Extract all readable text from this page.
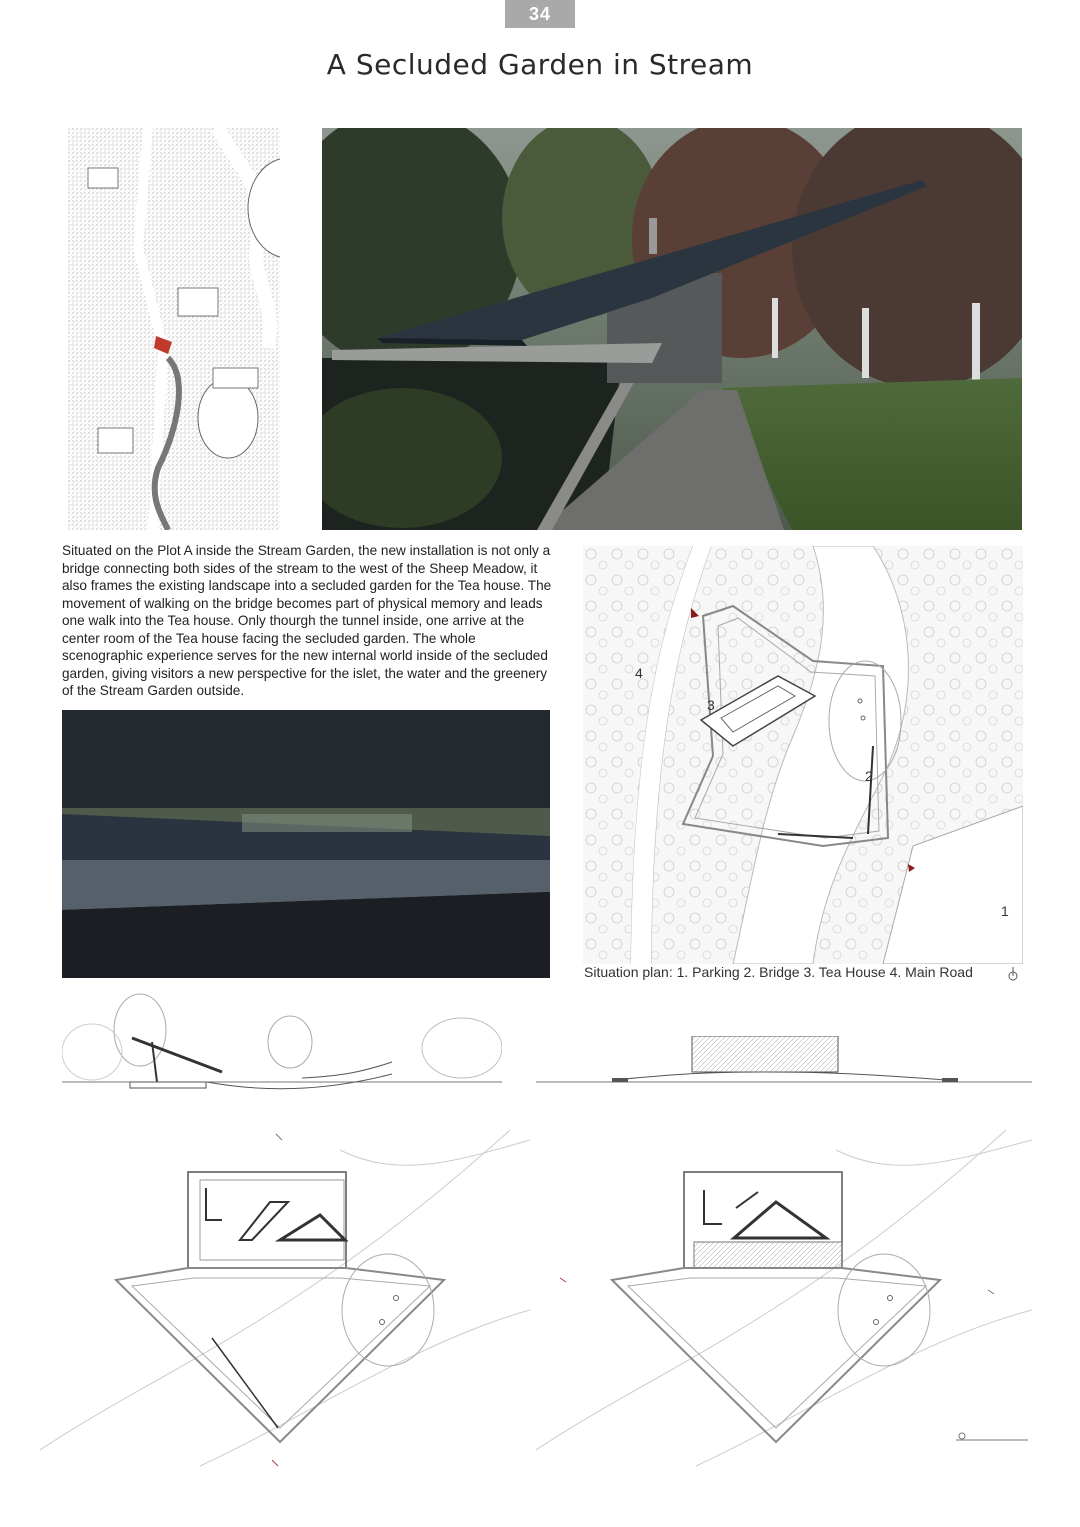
34
A Secluded Garden in Stream
Situated on the Plot A inside the Stream Garden, the new installation is not only a bridge connecting both sides of the stream to the west of the Sheep Meadow, it also frames the existing landscape into a secluded garden for the Tea house. The movement of walking on the bridge becomes part of physical memory and leads one walk into the Tea house. Only thourgh the tunnel inside, one arrive at the center room of the Tea house facing the secluded garden. The whole scenographic experience serves for the new internal world inside of the secluded garden, giving visitors a new perspective for the islet, the water and the greenery of the Stream Garden outside.
1
2
3
4
Situation plan: 1. Parking 2. Bridge 3. Tea House 4. Main Road
